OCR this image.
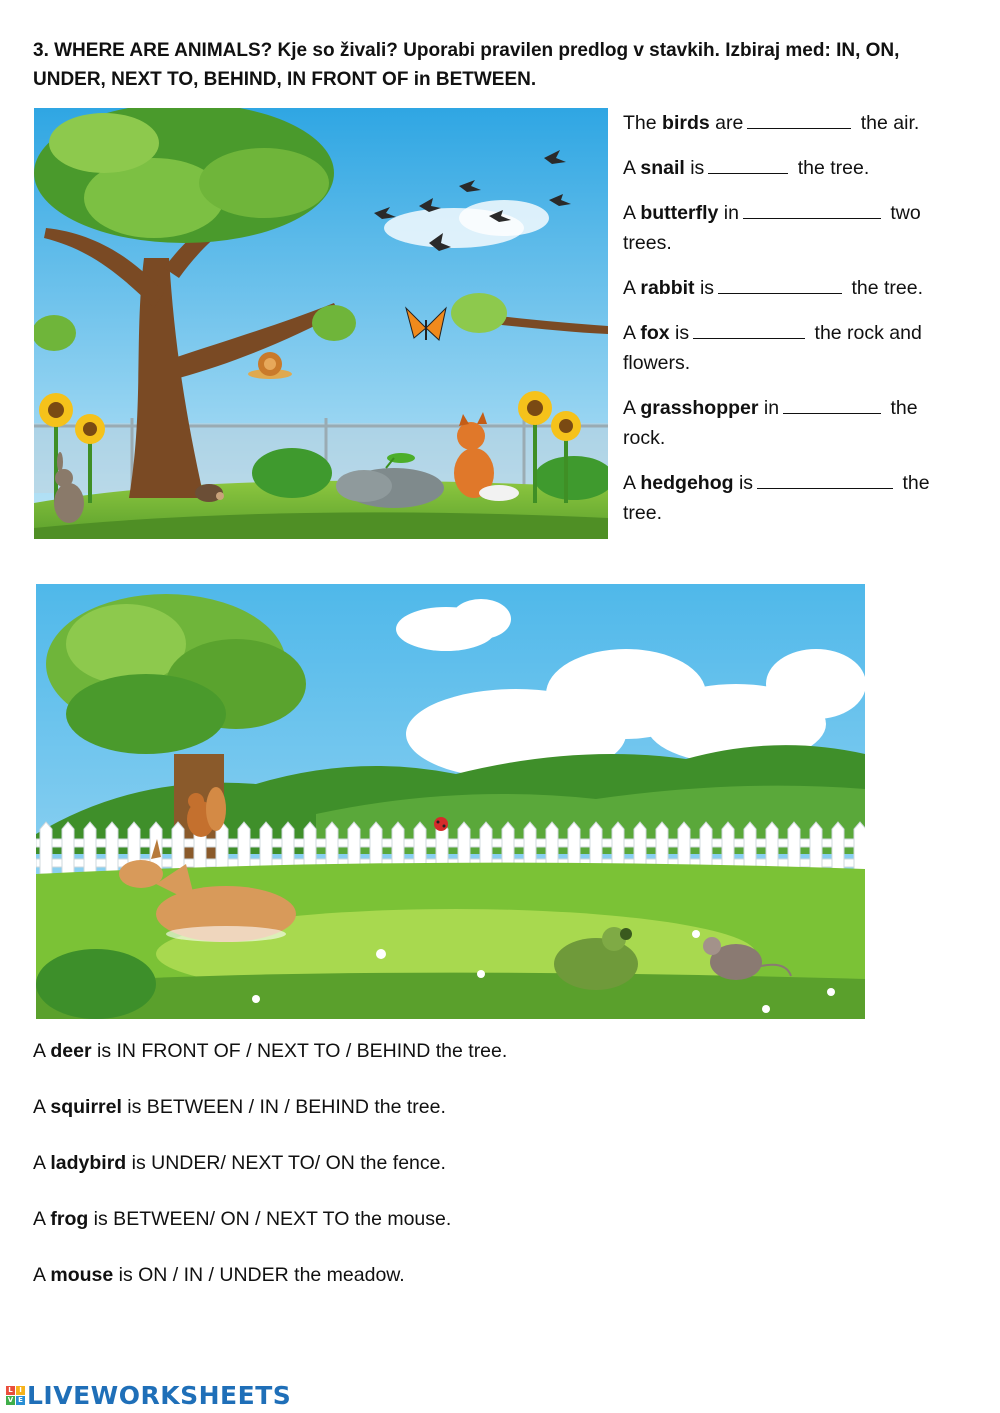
3. WHERE ARE ANIMALS? Kje so živali? Uporabi pravilen predlog v stavkih. Izbiraj med: IN, ON, UNDER, NEXT TO, BEHIND, IN FRONT OF in BETWEEN.
The birds are	the air.
A snail is	the tree.
A butterfly in	two trees.
A rabbit is	the tree.
A fox is	the rock and flowers.
A grasshopper in	the rock.
A hedgehog is	the tree.
A deer is IN FRONT OF / NEXT TO / BEHIND the tree.
A squirrel is BETWEEN / IN / BEHIND the tree.
A ladybird is UNDER/ NEXT TO/ ON the fence.
A frog is BETWEEN/ ON / NEXT TO the mouse.
A mouse is ON / IN / UNDER the meadow.
L I
V E LIVEWORKSHEETS
